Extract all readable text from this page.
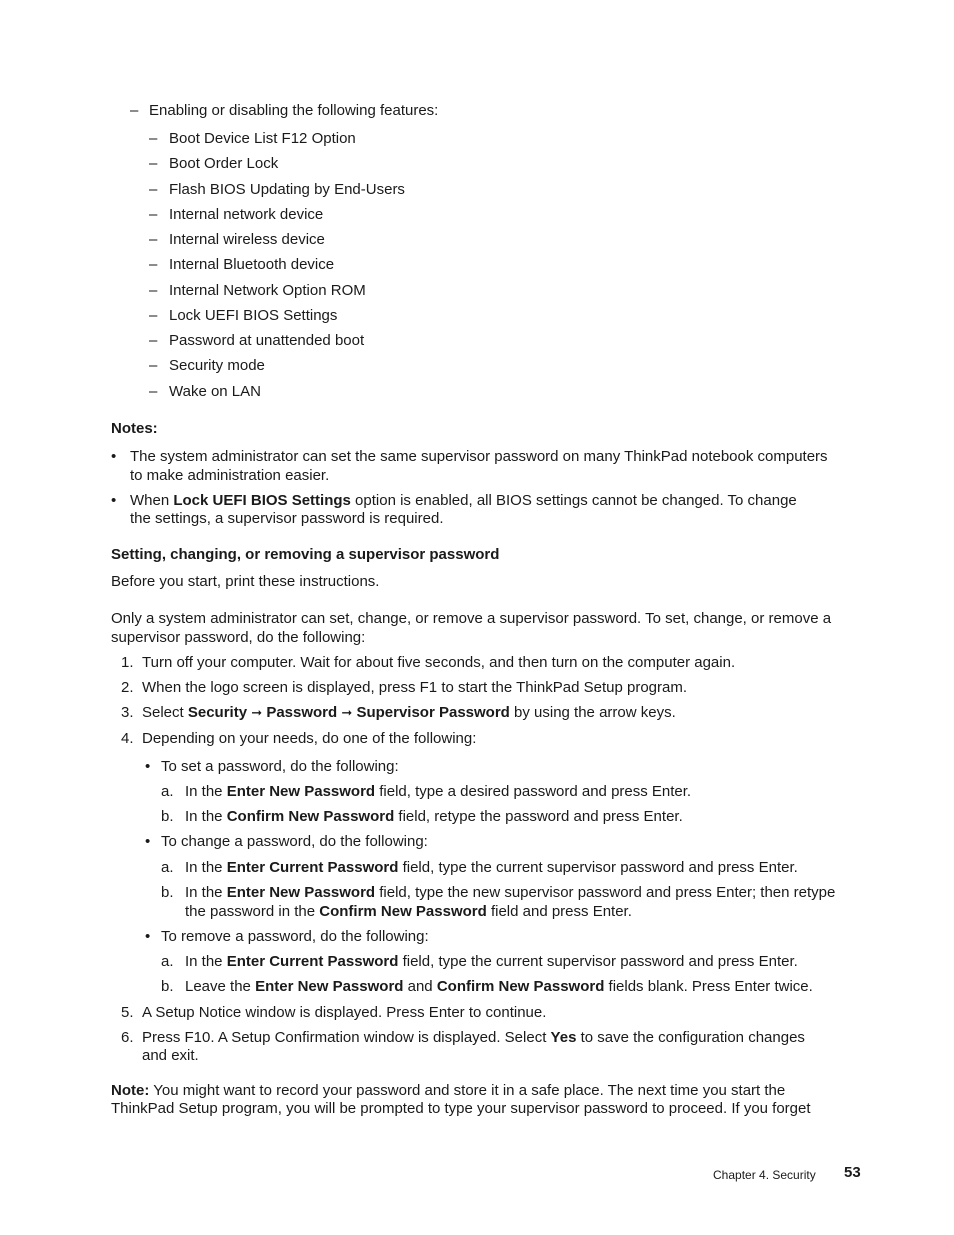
– Enabling or disabling the following features:
– Boot Device List F12 Option
– Boot Order Lock
– Flash BIOS Updating by End-Users
– Internal network device
– Internal wireless device
– Internal Bluetooth device
– Internal Network Option ROM
– Lock UEFI BIOS Settings
– Password at unattended boot
– Security mode
– Wake on LAN
Notes:
• The system administrator can set the same supervisor password on many ThinkPad notebook computers
to make administration easier.
• When Lock UEFI BIOS Settings option is enabled, all BIOS settings cannot be changed. To change
the settings, a supervisor password is required.
Setting, changing, or removing a supervisor password
Before you start, print these instructions.
Only a system administrator can set, change, or remove a supervisor password. To set, change, or remove a
supervisor password, do the following:
1. Turn off your computer. Wait for about five seconds, and then turn on the computer again.
2. When the logo screen is displayed, press F1 to start the ThinkPad Setup program.
3. Select Security ➞ Password ➞ Supervisor Password by using the arrow keys.
4. Depending on your needs, do one of the following:
• To set a password, do the following:
a. In the Enter New Password field, type a desired password and press Enter.
b. In the Confirm New Password field, retype the password and press Enter.
• To change a password, do the following:
a. In the Enter Current Password field, type the current supervisor password and press Enter.
b. In the Enter New Password field, type the new supervisor password and press Enter; then retype
the password in the Confirm New Password field and press Enter.
• To remove a password, do the following:
a. In the Enter Current Password field, type the current supervisor password and press Enter.
b. Leave the Enter New Password and Confirm New Password fields blank. Press Enter twice.
5. A Setup Notice window is displayed. Press Enter to continue.
6. Press F10. A Setup Confirmation window is displayed. Select Yes to save the configuration changes
and exit.
Note: You might want to record your password and store it in a safe place. The next time you start the
ThinkPad Setup program, you will be prompted to type your supervisor password to proceed. If you forget
Chapter 4. Security 53
